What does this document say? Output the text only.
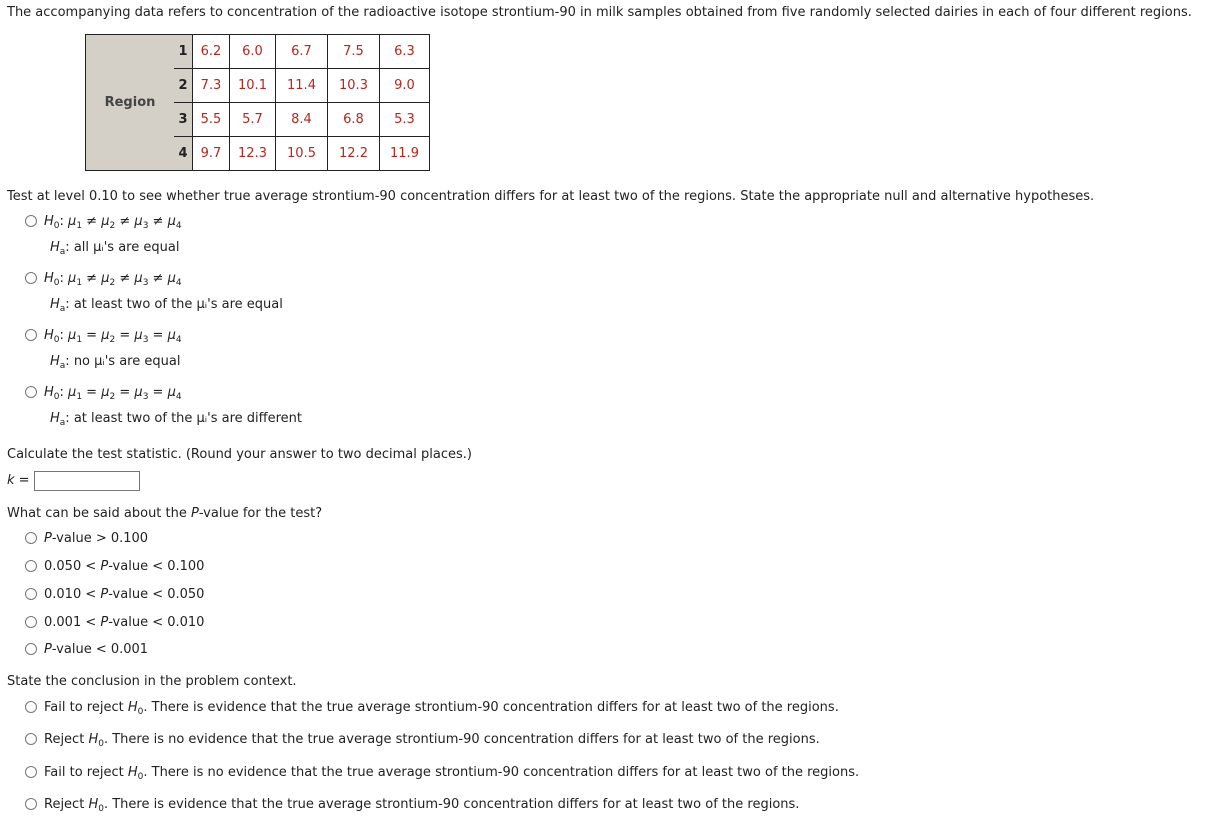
The accompanying data refers to concentration of the radioactive isotope strontium-90 in milk samples obtained from five randomly selected dairies in each of four different regions.
Region	1	6.2	6.0	6.7	7.5	6.3
	2	7.3	10.1	11.4	10.3	9.0
	3	5.5	5.7	8.4	6.8	5.3
	4	9.7	12.3	10.5	12.2	11.9
Test at level 0.10 to see whether true average strontium-90 concentration differs for at least two of the regions. State the appropriate null and alternative hypotheses.
$H_0$: $\mu_1 \ne \mu_2 \ne \mu_3 \ne \mu_4$
$H_a$: all μᵢ's are equal
$H_0$: $\mu_1 \ne \mu_2 \ne \mu_3 \ne \mu_4$
$H_a$: at least two of the μᵢ's are equal
$H_0$: $\mu_1 = \mu_2 = \mu_3 = \mu_4$
$H_a$: no μᵢ's are equal
$H_0$: $\mu_1 = \mu_2 = \mu_3 = \mu_4$
$H_a$: at least two of the μᵢ's are different
Calculate the test statistic. (Round your answer to two decimal places.)
k =
What can be said about the P-value for the test?
P-value > 0.100
0.050 < P-value < 0.100
0.010 < P-value < 0.050
0.001 < P-value < 0.010
P-value < 0.001
State the conclusion in the problem context.
Fail to reject $H_0$. There is evidence that the true average strontium-90 concentration differs for at least two of the regions.
Reject $H_0$. There is no evidence that the true average strontium-90 concentration differs for at least two of the regions.
Fail to reject $H_0$. There is no evidence that the true average strontium-90 concentration differs for at least two of the regions.
Reject $H_0$. There is evidence that the true average strontium-90 concentration differs for at least two of the regions.
